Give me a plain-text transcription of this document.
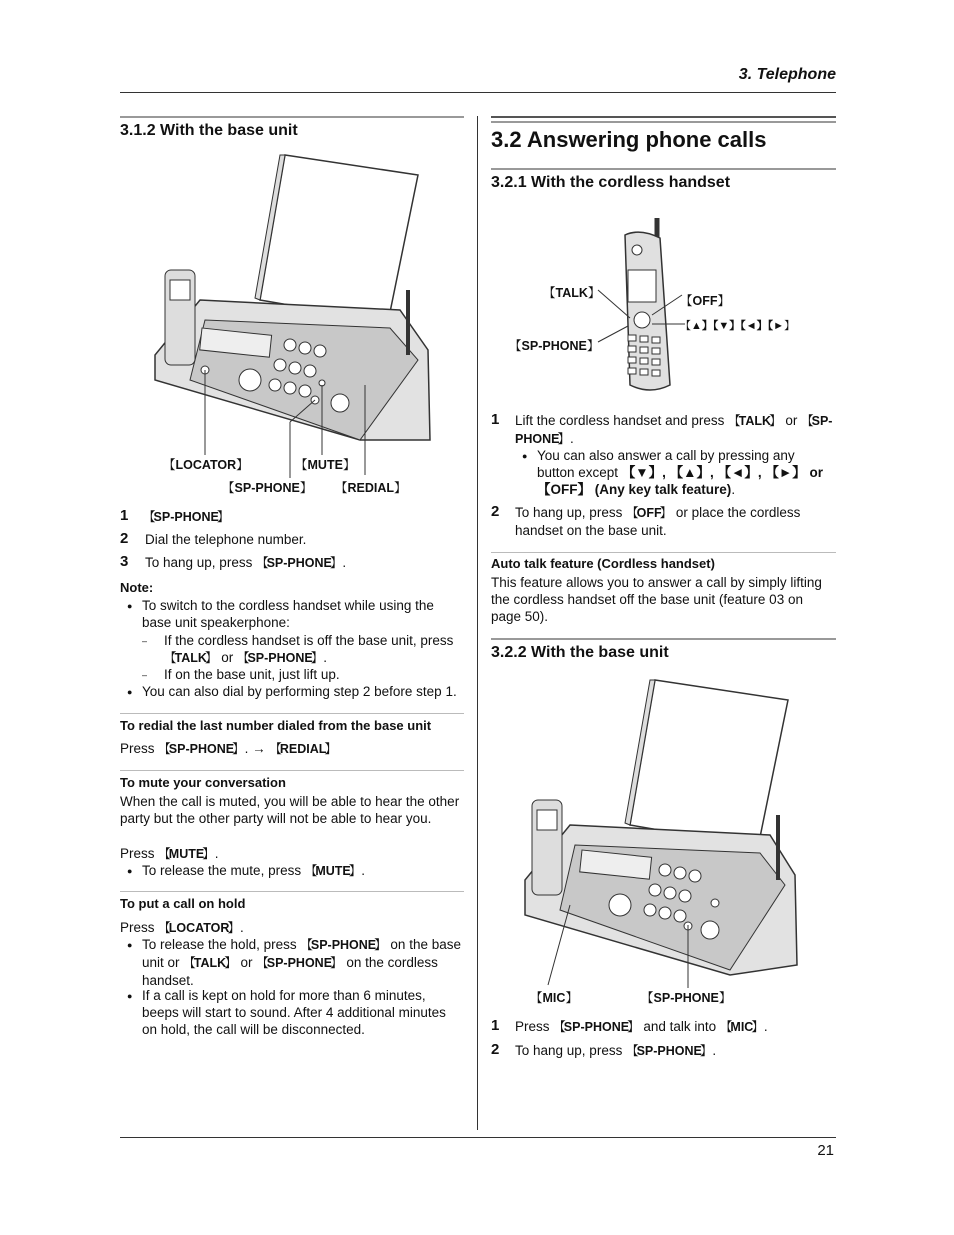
3. Telephone
3.1.2 With the base unit
【 LOCATOR 】	【 MUTE 】
【 SP-PHONE 】	【 REDIAL 】
1	【 SP-PHONE 】
2 Dial the telephone number.
3 To hang up, press 【 SP-PHONE 】 .
Note:
● To switch to the cordless handset while using the base unit speakerphone:
– If the cordless handset is off the base unit, press 【 TALK 】 or 【 SP-PHONE 】 .
– If on the base unit, just lift up.
● You can also dial by performing step 2 before step 1.
To redial the last number dialed from the base unit
Press 【 SP-PHONE 】 . → 【 REDIAL 】
To mute your conversation
When the call is muted, you will be able to hear the other party but the other party will not be able to hear you.
Press 【 MUTE 】 .
● To release the mute, press 【 MUTE 】 .
To put a call on hold
Press 【 LOCATOR 】 .
● To release the hold, press 【 SP-PHONE 】 on the base unit or 【 TALK 】 or 【 SP-PHONE 】 on the cordless handset.
● If a call is kept on hold for more than 6 minutes, beeps will start to sound. After 4 additional minutes on hold, the call will be disconnected.
3.2 Answering phone calls
3.2.1 With the cordless handset
【 TALK 】
【 OFF 】
【 ▲】【▼】【◄】【► 】
【 SP-PHONE 】
1 Lift the cordless handset and press 【 TALK 】 or 【 SP-PHONE 】 .
● You can also answer a call by pressing any button except 【▼】, 【▲】, 【◄】, 【►】 or 【OFF】 (Any key talk feature).
2 To hang up, press 【 OFF 】 or place the cordless handset on the base unit.
Auto talk feature (Cordless handset)
This feature allows you to answer a call by simply lifting the cordless handset off the base unit (feature 03 on page 50).
3.2.2 With the base unit
【 MIC 】	【 SP-PHONE 】
1 Press 【 SP-PHONE 】 and talk into 【 MIC 】 .
2 To hang up, press 【 SP-PHONE 】 .
21
